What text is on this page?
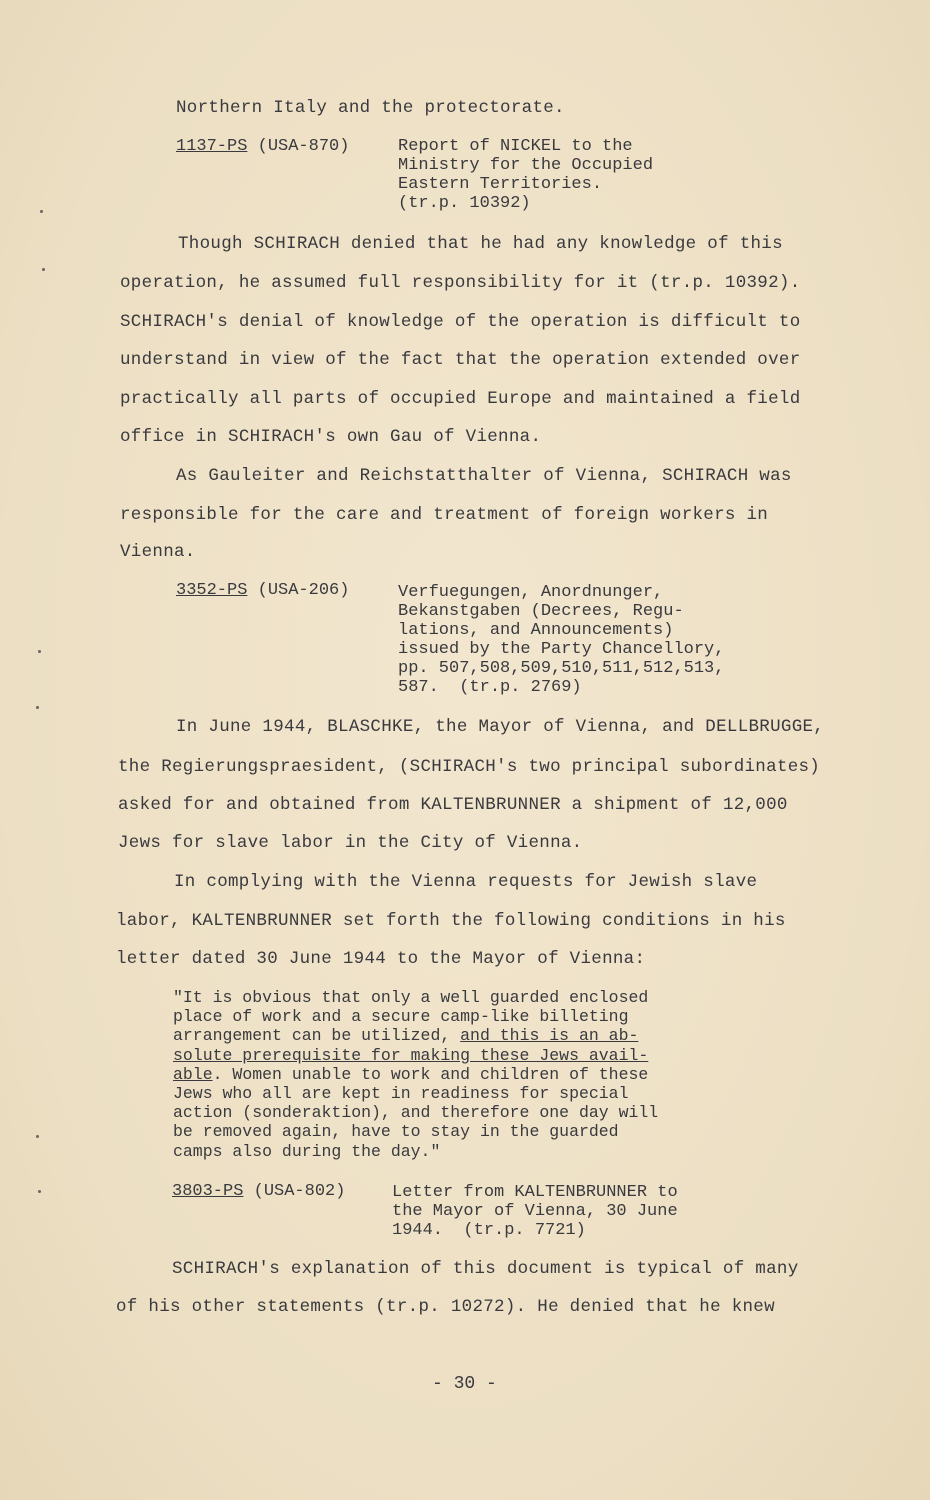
Northern Italy and the protectorate.

1137-PS (USA-870)	Report of NICKEL to the
Ministry for the Occupied
Eastern Territories.
(tr.p. 10392)

Though SCHIRACH denied that he had any knowledge of this

operation, he assumed full responsibility for it (tr.p. 10392).

SCHIRACH's denial of knowledge of the operation is difficult to

understand in view of the fact that the operation extended over

practically all parts of occupied Europe and maintained a field

office in SCHIRACH's own Gau of Vienna.

As Gauleiter and Reichstatthalter of Vienna, SCHIRACH was

responsible for the care and treatment of foreign workers in

Vienna.

3352-PS (USA-206)	Verfuegungen, Anordnunger,
Bekanstgaben (Decrees, Regu-
lations, and Announcements)
issued by the Party Chancellory,
pp. 507,508,509,510,511,512,513,
587.  (tr.p. 2769)

In June 1944, BLASCHKE, the Mayor of Vienna, and DELLBRUGGE,

the Regierungspraesident, (SCHIRACH's two principal subordinates)

asked for and obtained from KALTENBRUNNER a shipment of 12,000

Jews for slave labor in the City of Vienna.

In complying with the Vienna requests for Jewish slave

labor, KALTENBRUNNER set forth the following conditions in his

letter dated 30 June 1944 to the Mayor of Vienna:

"It is obvious that only a well guarded enclosed
place of work and a secure camp-like billeting
arrangement can be utilized, and this is an ab-
solute prerequisite for making these Jews avail-
able. Women unable to work and children of these
Jews who all are kept in readiness for special
action (sonderaktion), and therefore one day will
be removed again, have to stay in the guarded
camps also during the day."
3803-PS (USA-802)	Letter from KALTENBRUNNER to
the Mayor of Vienna, 30 June
1944.  (tr.p. 7721)

SCHIRACH's explanation of this document is typical of many

of his other statements (tr.p. 10272). He denied that he knew

- 30 -
